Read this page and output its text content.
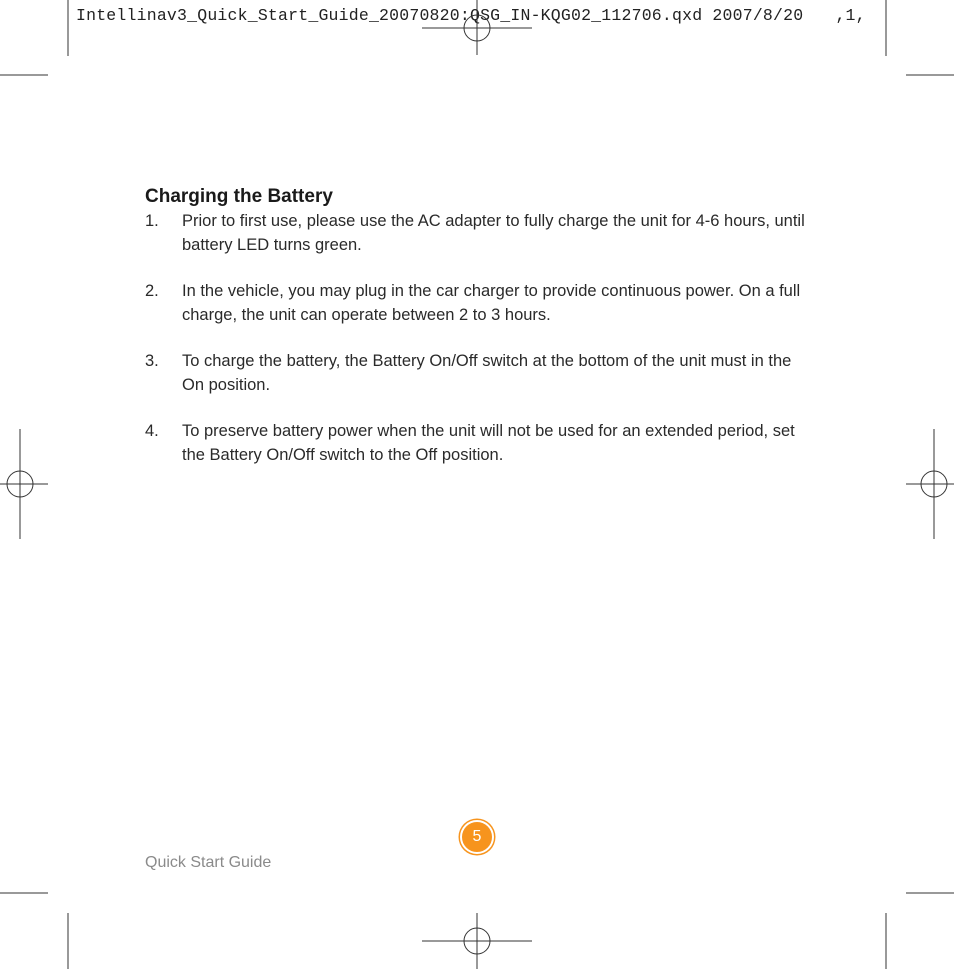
Intellinav3_Quick_Start_Guide_20070820:QSG_IN-KQG02_112706.qxd 2007/8/20 ,1,
Charging the Battery
1. Prior to first use, please use the AC adapter to fully charge the unit for 4-6 hours, until battery LED turns green.
2. In the vehicle, you may plug in the car charger to provide continuous power. On a full charge, the unit can operate between 2 to 3 hours.
3. To charge the battery, the Battery On/Off switch at the bottom of the unit must in the On position.
4. To preserve battery power when the unit will not be used for an extended period, set the Battery On/Off switch to the Off position.
5
Quick Start Guide
